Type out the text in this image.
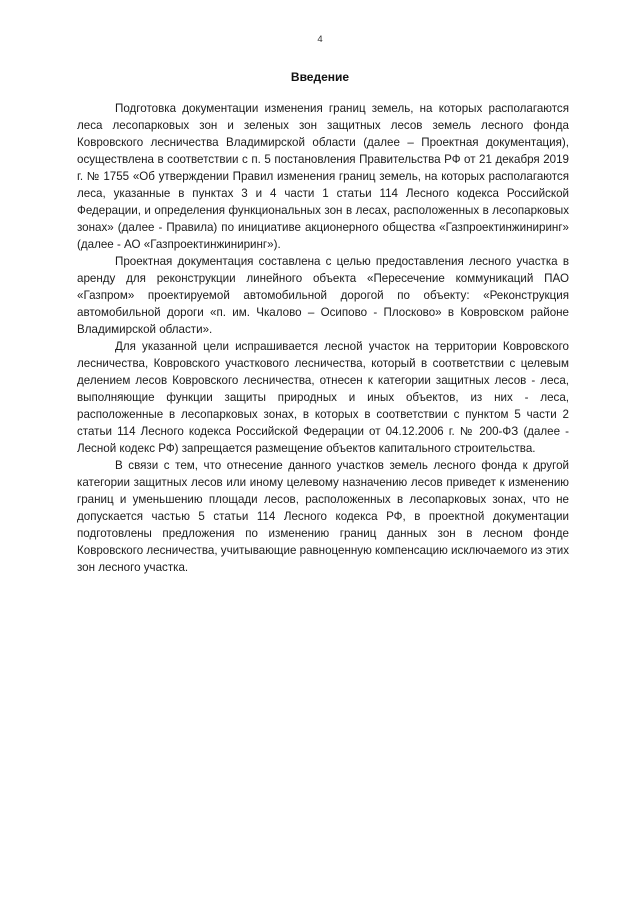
4
Введение

Подготовка документации изменения границ земель, на которых располагаются леса лесопарковых зон и зеленых зон защитных лесов земель лесного фонда Ковровского лесничества Владимирской области (далее – Проектная документация), осуществлена в соответствии с п. 5 постановления Правительства РФ от 21 декабря 2019 г. № 1755 «Об утверждении Правил изменения границ земель, на которых располагаются леса, указанные в пунктах 3 и 4 части 1 статьи 114 Лесного кодекса Российской Федерации, и определения функциональных зон в лесах, расположенных в лесопарковых зонах» (далее - Правила) по инициативе акционерного общества «Газпроектинжиниринг» (далее - АО «Газпроектинжиниринг»).

Проектная документация составлена с целью предоставления лесного участка в аренду для реконструкции линейного объекта «Пересечение коммуникаций ПАО «Газпром» проектируемой автомобильной дорогой по объекту: «Реконструкция автомобильной дороги «п. им. Чкалово – Осипово - Плосково» в Ковровском районе Владимирской области».

Для указанной цели испрашивается лесной участок на территории Ковровского лесничества, Ковровского участкового лесничества, который в соответствии с целевым делением лесов Ковровского лесничества, отнесен к категории защитных лесов - леса, выполняющие функции защиты природных и иных объектов, из них - леса, расположенные в лесопарковых зонах, в которых в соответствии с пунктом 5 части 2 статьи 114 Лесного кодекса Российской Федерации от 04.12.2006 г. № 200-ФЗ (далее - Лесной кодекс РФ) запрещается размещение объектов капитального строительства.

В связи с тем, что отнесение данного участков земель лесного фонда к другой категории защитных лесов или иному целевому назначению лесов приведет к изменению границ и уменьшению площади лесов, расположенных в лесопарковых зонах, что не допускается частью 5 статьи 114 Лесного кодекса РФ, в проектной документации подготовлены предложения по изменению границ данных зон в лесном фонде Ковровского лесничества, учитывающие равноценную компенсацию исключаемого из этих зон лесного участка.
